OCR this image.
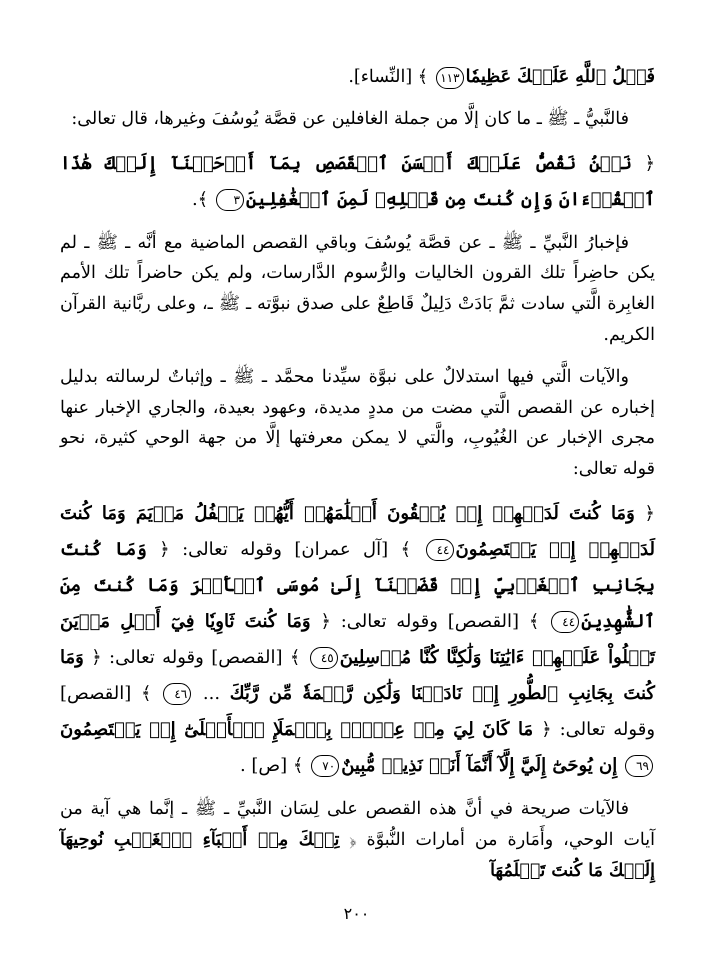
فَضۡلُ ٱللَّهِ عَلَيۡكَ عَظِيمٗا١١٣ ﴾ [النِّساء].

فالنَّبيُّ ـ ﷺ ـ ما كان إلَّا من جملة الغافلين عن قصَّة يُوسُفَ وغيرها، قال تعالى:

﴿ نَحۡنُ نَقُصُّ عَلَيۡكَ أَحۡسَنَ ٱلۡقَصَصِ بِمَآ أَوۡحَيۡنَآ إِلَيۡكَ هَٰذَا ٱلۡقُرۡءَانَ وَإِن كُنتَ مِن قَبۡلِهِۦ لَمِنَ ٱلۡغَٰفِلِينَ٣ ﴾.

فإخبارُ النَّبيِّ ـ ﷺ ـ عن قصَّة يُوسُفَ وباقي القصص الماضية مع أنَّه ـ ﷺ ـ لم يكن حاضِراً تلك القرون الخاليات والرُّسوم الدَّارسات، ولم يكن حاضراً تلك الأمم الغابِرة الَّتي سادت ثمَّ بَادَتْ دَلِيلٌ قَاطِعٌ على صدق نبوَّته ـ ﷺ ـ، وعلى ربَّانية القرآن الكريم.

والآيات الَّتي فيها استدلالٌ على نبوَّة سيِّدنا محمَّد ـ ﷺ ـ وإثباتٌ لرسالته بدليل إخباره عن القصص الَّتي مضت من مددٍ مديدة، وعهود بعيدة، والجاري الإخبار عنها مجرى الإخبار عن الغُيُوبِ، والَّتي لا يمكن معرفتها إلَّا من جهة الوحي كثيرة، نحو قوله تعالى:

﴿ وَمَا كُنتَ لَدَيۡهِمۡ إِذۡ يُلۡقُونَ أَقۡلَٰمَهُمۡ أَيُّهُمۡ يَكۡفُلُ مَرۡيَمَ وَمَا كُنتَ لَدَيۡهِمۡ إِذۡ يَخۡتَصِمُونَ٤٤ ﴾ [آل عمران] وقوله تعالى: ﴿ وَمَا كُنتَ بِجَانِبِ ٱلۡغَرۡبِيِّ إِذۡ قَضَيۡنَآ إِلَىٰ مُوسَى ٱلۡأَمۡرَ وَمَا كُنتَ مِنَ ٱلشَّٰهِدِينَ٤٤ ﴾ [القصص] وقوله تعالى: ﴿ وَمَا كُنتَ ثَاوِيٗا فِيٓ أَهۡلِ مَدۡيَنَ تَتۡلُواْ عَلَيۡهِمۡ ءَايَٰتِنَا وَلَٰكِنَّا كُنَّا مُرۡسِلِينَ٤٥ ﴾ [القصص] وقوله تعالى: ﴿ وَمَا كُنتَ بِجَانِبِ ٱلطُّورِ إِذۡ نَادَيۡنَا وَلَٰكِن رَّحۡمَةٗ مِّن رَّبِّكَ ... ٤٦ ﴾ [القصص] وقوله تعالى: ﴿ مَا كَانَ لِيَ مِنۡ عِلۡمِۢ بِٱلۡمَلَإِ ٱلۡأَعۡلَىٰٓ إِذۡ يَخۡتَصِمُونَ٦٩ إِن يُوحَىٰٓ إِلَيَّ إِلَّآ أَنَّمَآ أَنَا۠ نَذِيرٞ مُّبِينٌ٧٠ ﴾ [ص] .

فالآيات صريحة في أنَّ هذه القصص على لِسَان النَّبيِّ ـ ﷺ ـ إنَّما هي آية من آيات الوحي، وأَمَارة من أمارات النُّبوَّة ﴿ تِلۡكَ مِنۡ أَنۢبَآءِ ٱلۡغَيۡبِ نُوحِيهَآ إِلَيۡكَ مَا كُنتَ تَعۡلَمُهَآ

٢٠٠
